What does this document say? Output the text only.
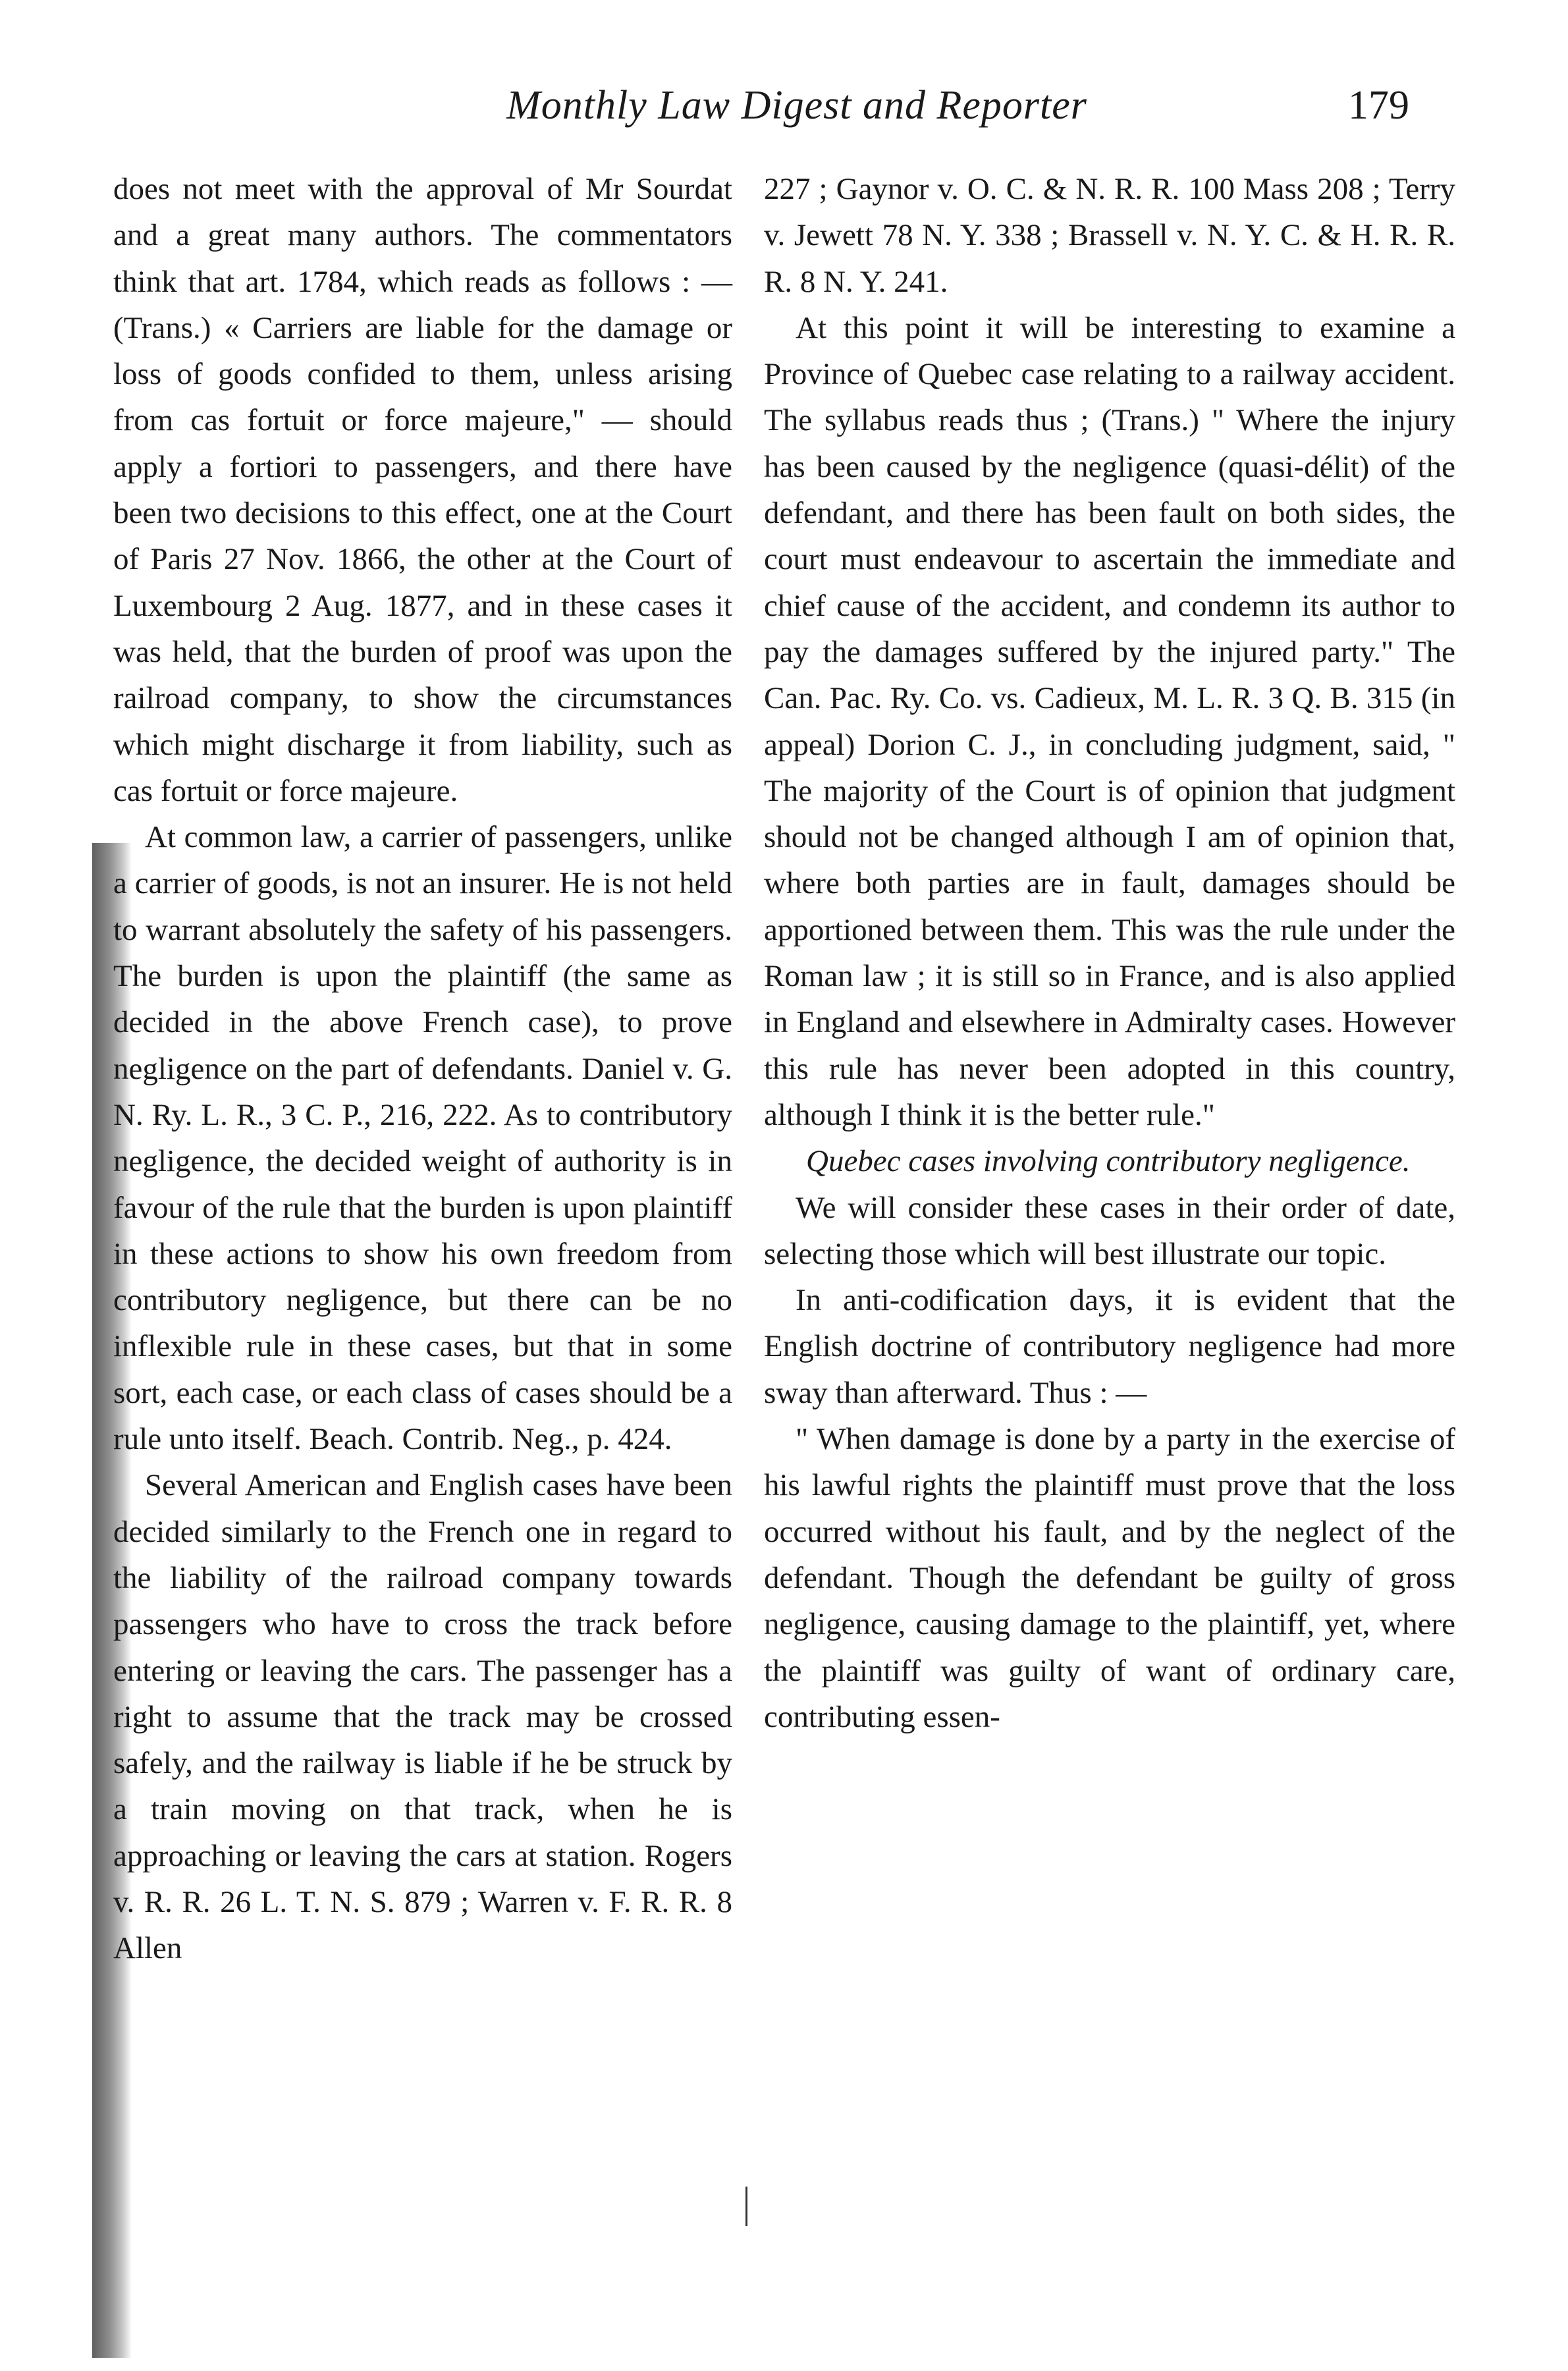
Monthly Law Digest and Reporter	179

does not meet with the approval of Mr Sourdat and a great many authors. The commentators think that art. 1784, which reads as follows : — (Trans.) « Carriers are liable for the damage or loss of goods confided to them, unless arising from cas fortuit or force majeure," — should apply a fortiori to passengers, and there have been two decisions to this effect, one at the Court of Paris 27 Nov. 1866, the other at the Court of Luxembourg 2 Aug. 1877, and in these cases it was held, that the burden of proof was upon the railroad company, to show the circumstances which might discharge it from liability, such as cas fortuit or force majeure.

At common law, a carrier of passengers, unlike a carrier of goods, is not an insurer. He is not held to warrant absolutely the safety of his passengers. The burden is upon the plaintiff (the same as decided in the above French case), to prove negligence on the part of defendants. Daniel v. G. N. Ry. L. R., 3 C. P., 216, 222. As to contributory negligence, the decided weight of authority is in favour of the rule that the burden is upon plaintiff in these actions to show his own freedom from contributory negligence, but there can be no inflexible rule in these cases, but that in some sort, each case, or each class of cases should be a rule unto itself. Beach. Contrib. Neg., p. 424.

Several American and English cases have been decided similarly to the French one in regard to the liability of the railroad company towards passengers who have to cross the track before entering or leaving the cars. The passenger has a right to assume that the track may be crossed safely, and the railway is liable if he be struck by a train moving on that track, when he is approaching or leaving the cars at station. Rogers v. R. R. 26 L. T. N. S. 879 ; Warren v. F. R. R. 8 Allen

227 ; Gaynor v. O. C. & N. R. R. 100 Mass 208 ; Terry v. Jewett 78 N. Y. 338 ; Brassell v. N. Y. C. & H. R. R. R. 8 N. Y. 241.

At this point it will be interesting to examine a Province of Quebec case relating to a railway accident. The syllabus reads thus ; (Trans.) " Where the injury has been caused by the negligence (quasi-délit) of the defendant, and there has been fault on both sides, the court must endeavour to ascertain the immediate and chief cause of the accident, and condemn its author to pay the damages suffered by the injured party." The Can. Pac. Ry. Co. vs. Cadieux, M. L. R. 3 Q. B. 315 (in appeal) Dorion C. J., in concluding judgment, said, " The majority of the Court is of opinion that judgment should not be changed although I am of opinion that, where both parties are in fault, damages should be apportioned between them. This was the rule under the Roman law ; it is still so in France, and is also applied in England and elsewhere in Admiralty cases. However this rule has never been adopted in this country, although I think it is the better rule."

Quebec cases involving contributory negligence.

We will consider these cases in their order of date, selecting those which will best illustrate our topic.

In anti-codification days, it is evident that the English doctrine of contributory negligence had more sway than afterward. Thus : —

" When damage is done by a party in the exercise of his lawful rights the plaintiff must prove that the loss occurred without his fault, and by the neglect of the defendant. Though the defendant be guilty of gross negligence, causing damage to the plaintiff, yet, where the plaintiff was guilty of want of ordinary care, contributing essen-
